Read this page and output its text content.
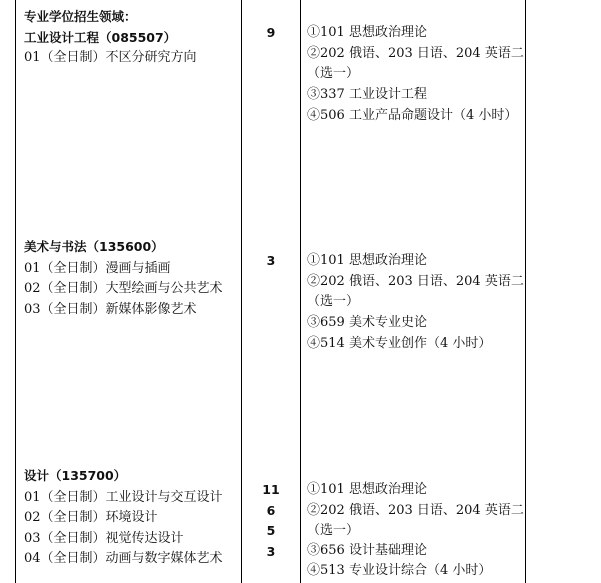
专业学位招生领域：
工业设计工程（085507）
01（全日制）不区分研究方向
9	①101 思想政治理论
②202 俄语、203 日语、204 英语二
（选一）
③337 工业设计工程
④506 工业产品命题设计（4 小时）
美术与书法（135600）
01（全日制）漫画与插画
02（全日制）大型绘画与公共艺术
03（全日制）新媒体影像艺术
3	①101 思想政治理论
②202 俄语、203 日语、204 英语二
（选一）
③659 美术专业史论
④514 美术专业创作（4 小时）
设计（135700）
01（全日制）工业设计与交互设计
02（全日制）环境设计
03（全日制）视觉传达设计
04（全日制）动画与数字媒体艺术
11
6
5
3
①101 思想政治理论
②202 俄语、203 日语、204 英语二
（选一）
③656 设计基础理论
④513 专业设计综合（4 小时）
